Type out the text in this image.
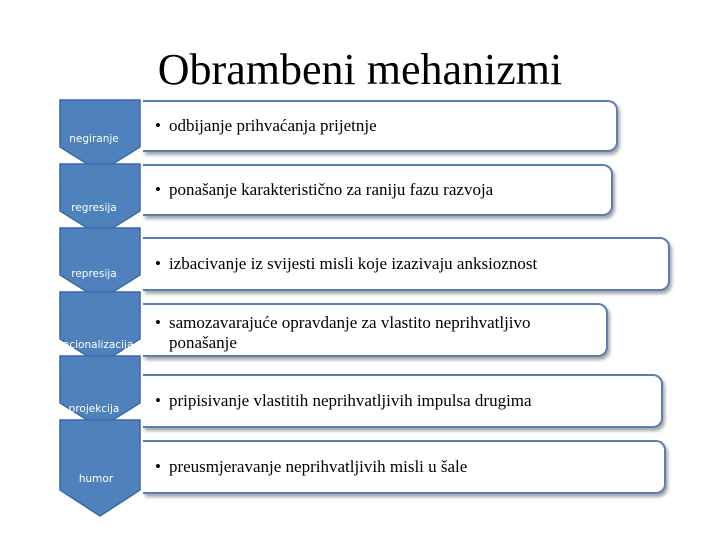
Obrambeni mehanizmi
negiranje
regresija
represija
racionalizacija
projekcija
humor
• odbijanje prihvaćanja prijetnje
• ponašanje karakteristično za raniju fazu razvoja
• izbacivanje iz svijesti misli koje izazivaju anksioznost
• samozavarajuće opravdanje za vlastito neprihvatljivo ponašanje
• pripisivanje vlastitih neprihvatljivih impulsa drugima
• preusmjeravanje neprihvatljivih misli u šale
